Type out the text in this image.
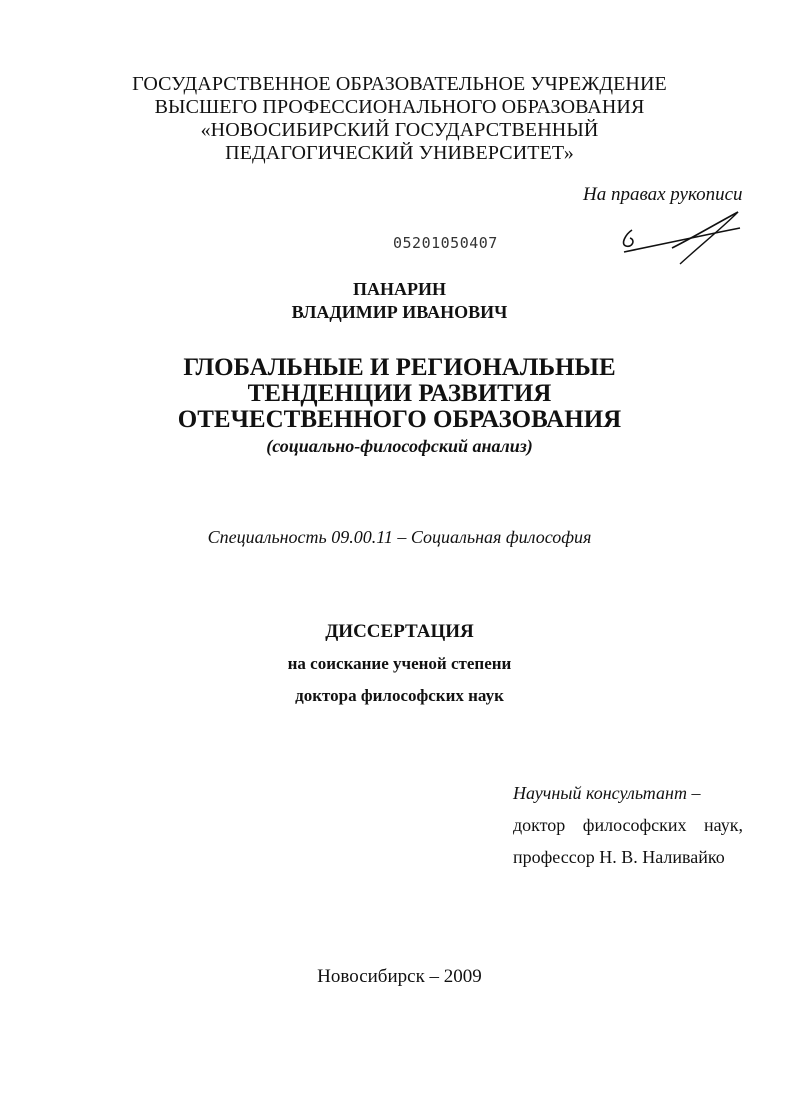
ГОСУДАРСТВЕННОЕ ОБРАЗОВАТЕЛЬНОЕ УЧРЕЖДЕНИЕ
ВЫСШЕГО ПРОФЕССИОНАЛЬНОГО ОБРАЗОВАНИЯ
«НОВОСИБИРСКИЙ ГОСУДАРСТВЕННЫЙ
ПЕДАГОГИЧЕСКИЙ УНИВЕРСИТЕТ»
На правах рукописи
05201050407
ПАНАРИН
ВЛАДИМИР ИВАНОВИЧ
ГЛОБАЛЬНЫЕ И РЕГИОНАЛЬНЫЕ
ТЕНДЕНЦИИ РАЗВИТИЯ
ОТЕЧЕСТВЕННОГО ОБРАЗОВАНИЯ
(социально-философский анализ)
Специальность 09.00.11 – Социальная философия
ДИССЕРТАЦИЯ
на соискание ученой степени
доктора философских наук
Научный консультант –
доктор философских наук,
профессор Н. В. Наливайко
Новосибирск – 2009
